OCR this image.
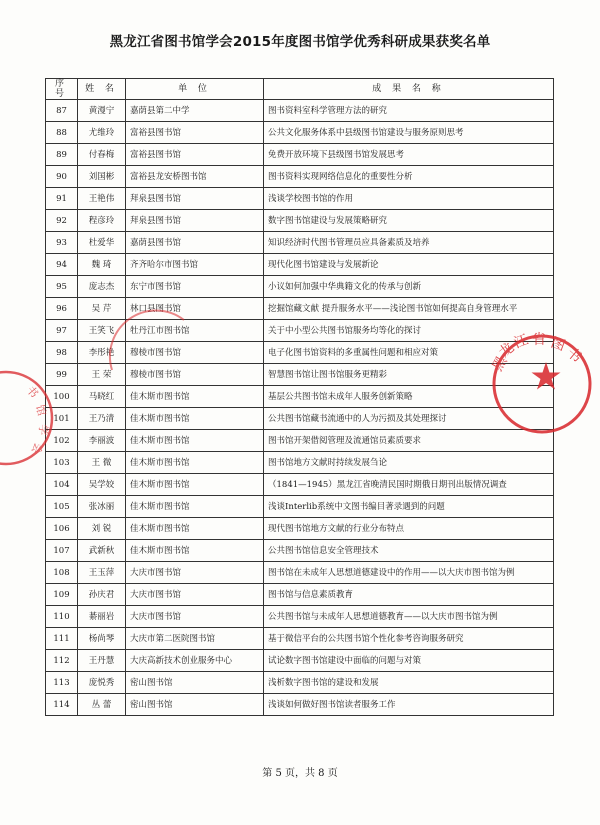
黑龙江省图书馆学会2015年度图书馆学优秀科研成果获奖名单
序号	姓 名	单 位	成 果 名 称
87	黄漫宁	嘉荫县第二中学	图书资料室科学管理方法的研究
88	尤维玲	富裕县图书馆	公共文化服务体系中县级图书馆建设与服务原则思考
89	付春梅	富裕县图书馆	免费开放环境下县级图书馆发展思考
90	刘国彬	富裕县龙安桥图书馆	图书资料实现网络信息化的重要性分析
91	王艳伟	拜泉县图书馆	浅谈学校图书馆的作用
92	程彦玲	拜泉县图书馆	数字图书馆建设与发展策略研究
93	杜爱华	嘉荫县图书馆	知识经济时代图书管理员应具备素质及培养
94	魏 琦	齐齐哈尔市图书馆	现代化图书馆建设与发展新论
95	庞志杰	东宁市图书馆	小议如何加强中华典籍文化的传承与创新
96	吴 芹	林口县图书馆	挖掘馆藏文献 提升服务水平——浅论图书馆如何提高自身管理水平
97	王笑飞	牡丹江市图书馆	关于中小型公共图书馆服务均等化的探讨
98	李彤艳	穆棱市图书馆	电子化图书馆资料的多重属性问题和相应对策
99	王 荣	穆棱市图书馆	智慧图书馆让图书馆服务更精彩
100	马晓红	佳木斯市图书馆	基层公共图书馆未成年人服务创新策略
101	王乃清	佳木斯市图书馆	公共图书馆藏书流通中的人为污损及其处理探讨
102	李丽波	佳木斯市图书馆	图书馆开架借阅管理及流通馆员素质要求
103	王 微	佳木斯市图书馆	图书馆地方文献时持续发展刍论
104	吴学姣	佳木斯市图书馆	（1841—1945）黑龙江省晚清民国时期俄日期刊出版情况调查
105	张冰丽	佳木斯市图书馆	浅谈Interlib系统中文图书编目著录遇到的问题
106	刘 锐	佳木斯市图书馆	现代图书馆地方文献的行业分布特点
107	武新秋	佳木斯市图书馆	公共图书馆信息安全管理技术
108	王玉萍	大庆市图书馆	图书馆在未成年人思想道德建设中的作用——以大庆市图书馆为例
109	孙庆君	大庆市图书馆	图书馆与信息素质教育
110	綦丽岩	大庆市图书馆	公共图书馆与未成年人思想道德教育——以大庆市图书馆为例
111	杨尚琴	大庆市第二医院图书馆	基于微信平台的公共图书馆个性化参考咨询服务研究
112	王丹慧	大庆高新技术创业服务中心	试论数字图书馆建设中面临的问题与对策
113	庞悦秀	密山图书馆	浅析数字图书馆的建设和发展
114	丛 蕾	密山图书馆	浅谈如何做好图书馆读者服务工作
黑
龙
江 省 图
书
书
馆
学
会
第 5 页，共 8 页
